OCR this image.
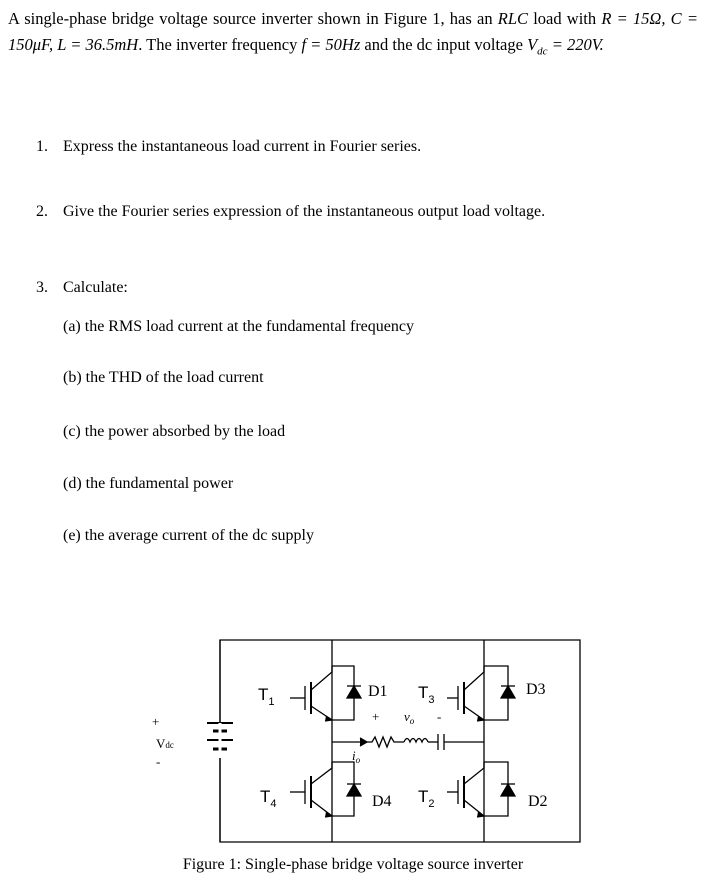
A single-phase bridge voltage source inverter shown in Figure 1, has an RLC load with R = 15Ω, C = 150μF, L = 36.5mH. The inverter frequency f = 50Hz and the dc input voltage $V_{dc} = 220V$.
1. Express the instantaneous load current in Fourier series.
2. Give the Fourier series expression of the instantaneous output load voltage.
3. Calculate:
(a) the RMS load current at the fundamental frequency
(b) the THD of the load current
(c) the power absorbed by the load
(d) the fundamental power
(e) the average current of the dc supply
$T_1$	$T_3$
$T_4$	$T_2$
D1	D3
D4	D2
+
Vdc
-
+ $v_o$ -
$i_o$
Figure 1: Single-phase bridge voltage source inverter
